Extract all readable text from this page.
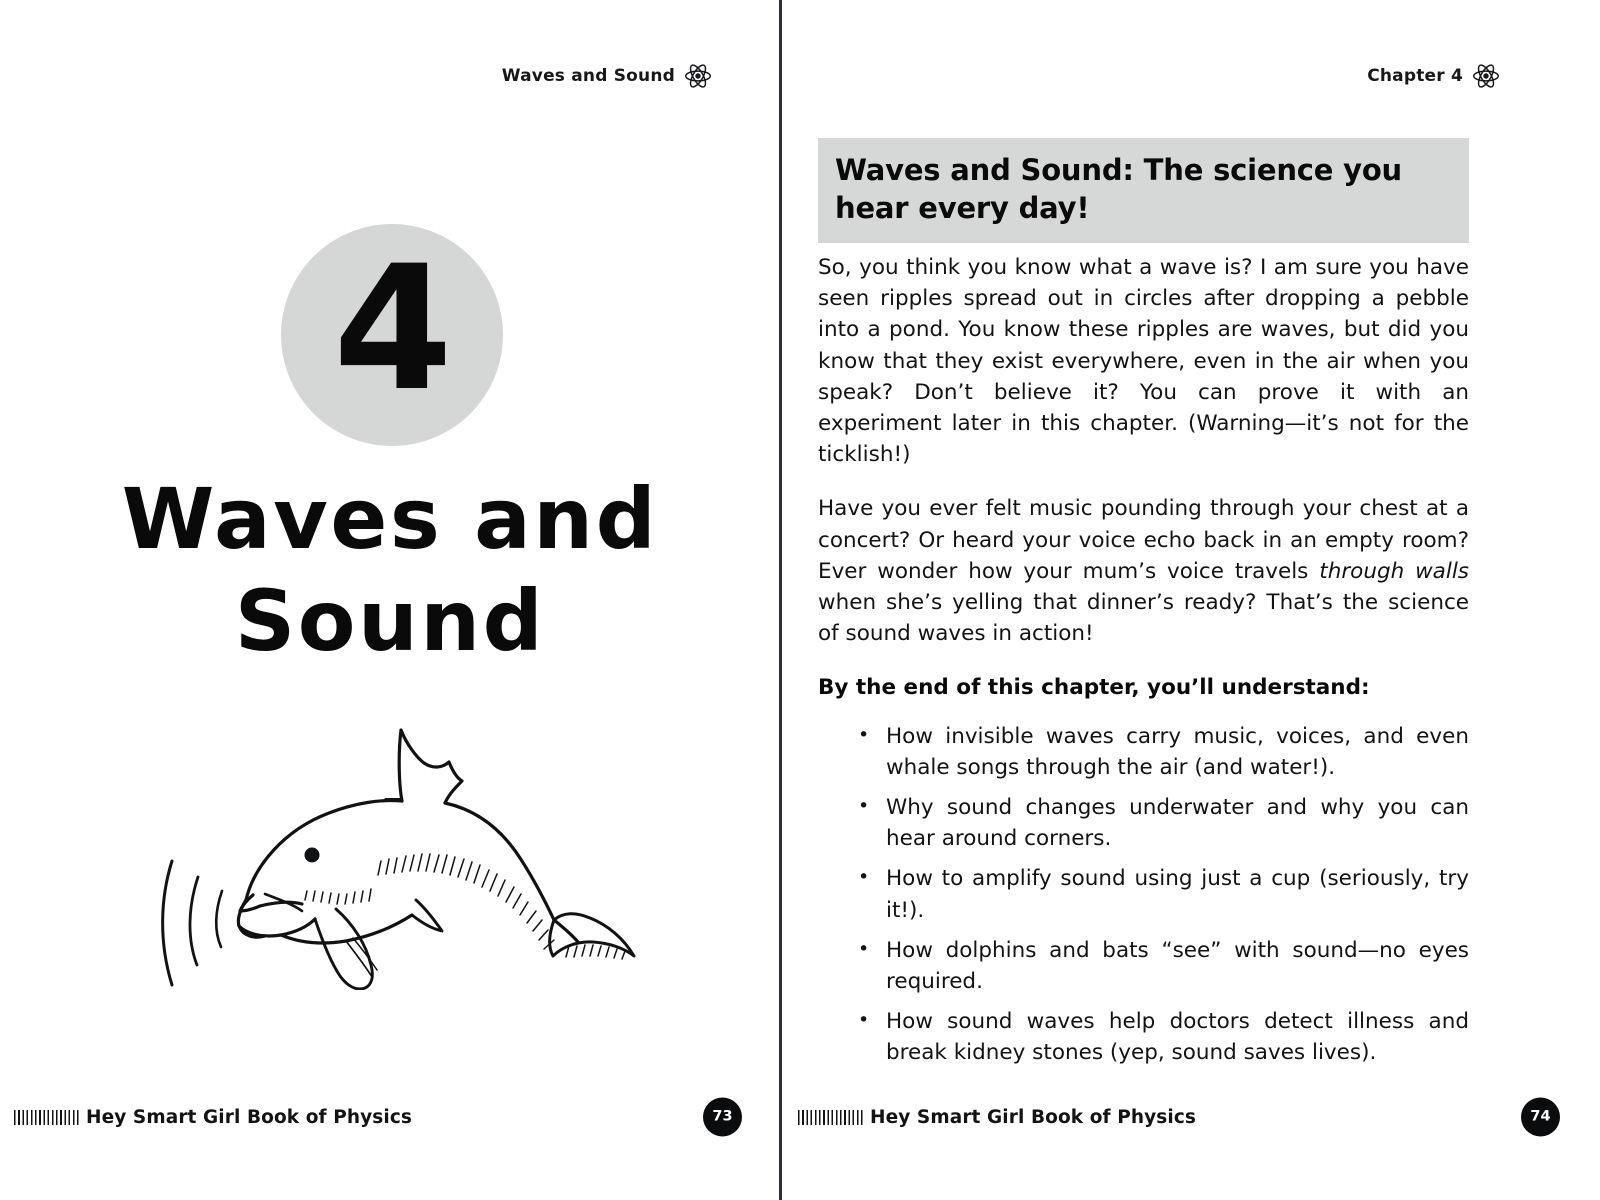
Waves and Sound
4
Waves and
Sound
Hey Smart Girl Book of Physics	73
Chapter 4
Waves and Sound: The science you hear every day!

So, you think you know what a wave is? I am sure you have seen ripples spread out in circles after dropping a pebble into a pond. You know these ripples are waves, but did you know that they exist everywhere, even in the air when you speak? Don’t believe it? You can prove it with an experiment later in this chapter. (Warning—it’s not for the ticklish!)

Have you ever felt music pounding through your chest at a concert? Or heard your voice echo back in an empty room? Ever wonder how your mum’s voice travels through walls when she’s yelling that dinner’s ready? That’s the science of sound waves in action!

By the end of this chapter, you’ll understand:

• How invisible waves carry music, voices, and even whale songs through the air (and water!).
• Why sound changes underwater and why you can hear around corners.
• How to amplify sound using just a cup (seriously, try it!).
• How dolphins and bats “see” with sound—no eyes required.
• How sound waves help doctors detect illness and break kidney stones (yep, sound saves lives).
Hey Smart Girl Book of Physics	74
